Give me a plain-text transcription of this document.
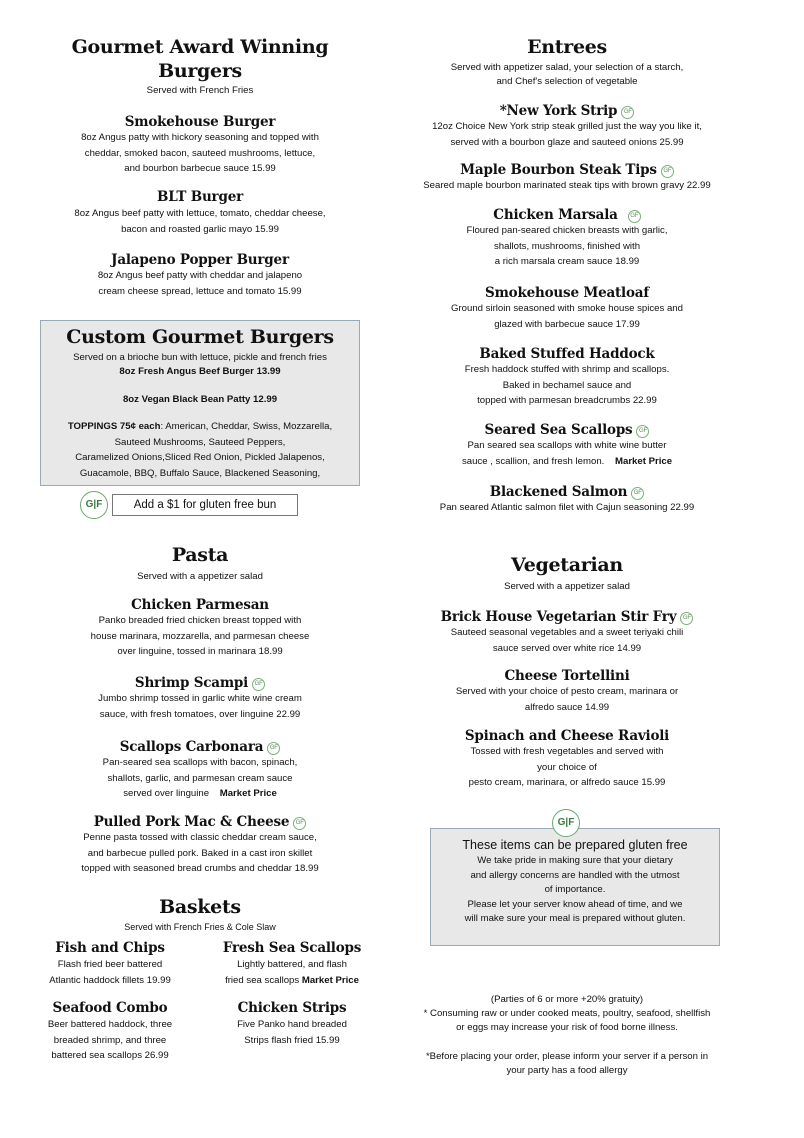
Gourmet Award Winning
Burgers
Served with French Fries
Smokehouse Burger
8oz Angus patty with hickory seasoning and topped with
cheddar, smoked bacon, sauteed mushrooms, lettuce,
and bourbon barbecue sauce 15.99
BLT Burger
8oz Angus beef patty with lettuce, tomato, cheddar cheese,
bacon and roasted garlic mayo 15.99
Jalapeno Popper Burger
8oz Angus beef patty with cheddar and jalapeno
cream cheese spread, lettuce and tomato 15.99
Custom Gourmet Burgers
Served on a brioche bun with lettuce, pickle and french fries
8oz Fresh Angus Beef Burger 13.99
8oz Vegan Black Bean Patty 12.99
TOPPINGS 75¢ each: American, Cheddar, Swiss, Mozzarella,
Sauteed Mushrooms, Sauteed Peppers,
Caramelized Onions,Sliced Red Onion, Pickled Jalapenos,
Guacamole, BBQ, Buffalo Sauce, Blackened Seasoning,
G|F	Add a $1 for gluten free bun
Pasta
Served with a appetizer salad
Chicken Parmesan
Panko breaded fried chicken breast topped with
house marinara, mozzarella, and parmesan cheese
over linguine, tossed in marinara 18.99
Shrimp Scampi GF
Jumbo shrimp tossed in garlic white wine cream
sauce, with fresh tomatoes, over linguine 22.99
Scallops Carbonara GF
Pan-seared sea scallops with bacon, spinach,
shallots, garlic, and parmesan cream sauce
served over linguine Market Price
Pulled Pork Mac & Cheese GF
Penne pasta tossed with classic cheddar cream sauce,
and barbecue pulled pork. Baked in a cast iron skillet
topped with seasoned bread crumbs and cheddar 18.99
Baskets
Served with French Fries & Cole Slaw
Fish and Chips
Flash fried beer battered
Atlantic haddock fillets 19.99
Fresh Sea Scallops
Lightly battered, and flash
fried sea scallops Market Price
Seafood Combo
Beer battered haddock, three
breaded shrimp, and three
battered sea scallops 26.99
Chicken Strips
Five Panko hand breaded
Strips flash fried 15.99
Entrees
Served with appetizer salad, your selection of a starch,
and Chef's selection of vegetable
*New York Strip GF
12oz Choice New York strip steak grilled just the way you like it,
served with a bourbon glaze and sauteed onions 25.99
Maple Bourbon Steak Tips GF
Seared maple bourbon marinated steak tips with brown gravy 22.99
Chicken Marsala GF
Floured pan-seared chicken breasts with garlic,
shallots, mushrooms, finished with
a rich marsala cream sauce 18.99
Smokehouse Meatloaf
Ground sirloin seasoned with smoke house spices and
glazed with barbecue sauce 17.99
Baked Stuffed Haddock
Fresh haddock stuffed with shrimp and scallops.
Baked in bechamel sauce and
topped with parmesan breadcrumbs 22.99
Seared Sea Scallops GF
Pan seared sea scallops with white wine butter
sauce , scallion, and fresh lemon. Market Price
Blackened Salmon GF
Pan seared Atlantic salmon filet with Cajun seasoning 22.99
Vegetarian
Served with a appetizer salad
Brick House Vegetarian Stir Fry GF
Sauteed seasonal vegetables and a sweet teriyaki chili
sauce served over white rice 14.99
Cheese Tortellini
Served with your choice of pesto cream, marinara or
alfredo sauce 14.99
Spinach and Cheese Ravioli
Tossed with fresh vegetables and served with
your choice of
pesto cream, marinara, or alfredo sauce 15.99
These items can be prepared gluten free
We take pride in making sure that your dietary
and allergy concerns are handled with the utmost
of importance.
Please let your server know ahead of time, and we
will make sure your meal is prepared without gluten.
G|F
(Parties of 6 or more +20% gratuity)
* Consuming raw or under cooked meats, poultry, seafood, shellfish
or eggs may increase your risk of food borne illness.
*Before placing your order, please inform your server if a person in
your party has a food allergy
